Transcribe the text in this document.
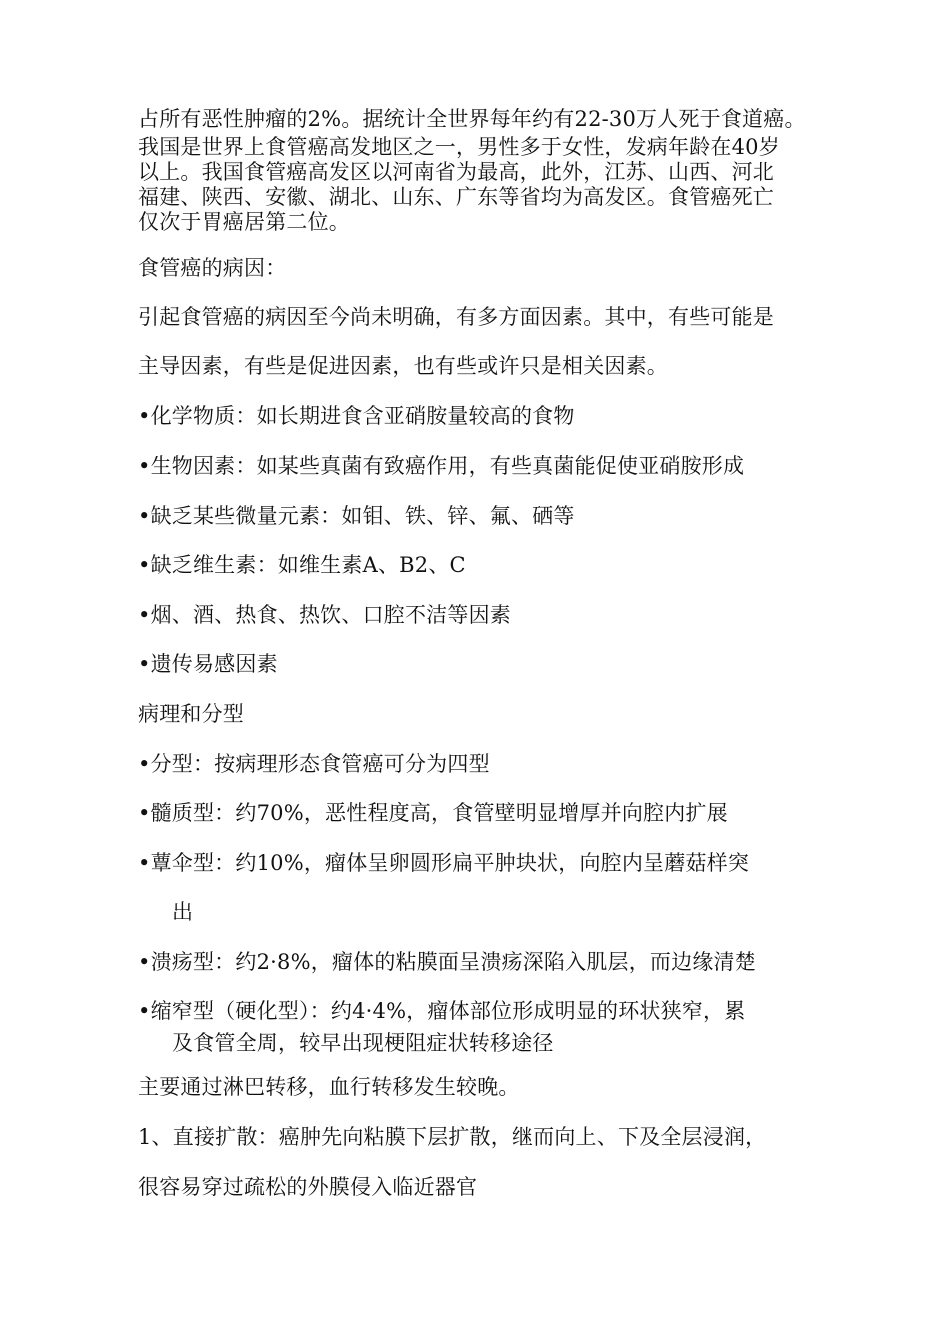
占所有恶性肿瘤的2%。据统计全世界每年约有22-30万人死于食道癌。
我国是世界上食管癌高发地区之一，男性多于女性，发病年龄在40岁
以上。我国食管癌高发区以河南省为最高，此外，江苏、山西、河北
福建、陕西、安徽、湖北、山东、广东等省均为高发区。食管癌死亡
仅次于胃癌居第二位。
食管癌的病因：
引起食管癌的病因至今尚未明确，有多方面因素。其中，有些可能是
主导因素，有些是促进因素，也有些或许只是相关因素。
•化学物质：如长期进食含亚硝胺量较高的食物
•生物因素：如某些真菌有致癌作用，有些真菌能促使亚硝胺形成
•缺乏某些微量元素：如钼、铁、锌、氟、硒等
•缺乏维生素：如维生素A、B2、C
•烟、酒、热食、热饮、口腔不洁等因素
•遗传易感因素
病理和分型
•分型：按病理形态食管癌可分为四型
•髓质型：约70%，恶性程度高，食管壁明显增厚并向腔内扩展
•蕈伞型：约10%，瘤体呈卵圆形扁平肿块状，向腔内呈蘑菇样突
出
•溃疡型：约2·8%，瘤体的粘膜面呈溃疡深陷入肌层，而边缘清楚
•缩窄型（硬化型）：约4·4%，瘤体部位形成明显的环状狭窄，累
及食管全周，较早出现梗阻症状转移途径
主要通过淋巴转移，血行转移发生较晚。
1、直接扩散：癌肿先向粘膜下层扩散，继而向上、下及全层浸润，
很容易穿过疏松的外膜侵入临近器官
